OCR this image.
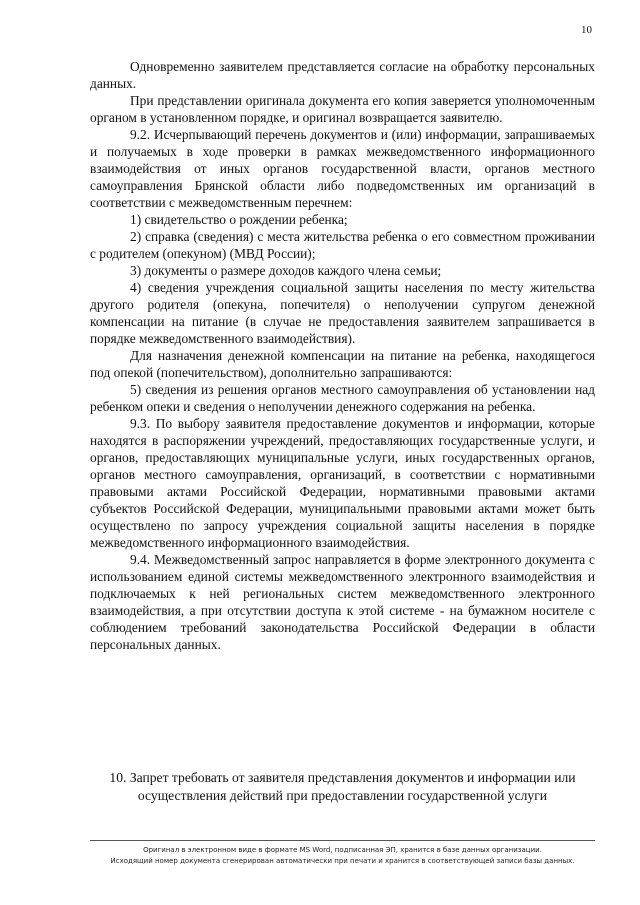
10

Одновременно заявителем представляется согласие на обработку персональных данных.

При представлении оригинала документа его копия заверяется уполномоченным органом в установленном порядке, и оригинал возвращается заявителю.

9.2. Исчерпывающий перечень документов и (или) информации, запрашиваемых и получаемых в ходе проверки в рамках межведомственного информационного взаимодействия от иных органов государственной власти, органов местного самоуправления Брянской области либо подведомственных им организаций в соответствии с межведомственным перечнем:

1) свидетельство о рождении ребенка;

2) справка (сведения) с места жительства ребенка о его совместном проживании с родителем (опекуном) (МВД России);

3) документы о размере доходов каждого члена семьи;

4) сведения учреждения социальной защиты населения по месту жительства другого родителя (опекуна, попечителя) о неполучении супругом денежной компенсации на питание (в случае не предоставления заявителем запрашивается в порядке межведомственного взаимодействия).

Для назначения денежной компенсации на питание на ребенка, находящегося под опекой (попечительством), дополнительно запрашиваются:

5) сведения из решения органов местного самоуправления об установлении над ребенком опеки и сведения о неполучении денежного содержания на ребенка.

9.3. По выбору заявителя предоставление документов и информации, которые находятся в распоряжении учреждений, предоставляющих государственные услуги, и органов, предоставляющих муниципальные услуги, иных государственных органов, органов местного самоуправления, организаций, в соответствии с нормативными правовыми актами Российской Федерации, нормативными правовыми актами субъектов Российской Федерации, муниципальными правовыми актами может быть осуществлено по запросу учреждения социальной защиты населения в порядке межведомственного информационного взаимодействия.

9.4. Межведомственный запрос направляется в форме электронного документа с использованием единой системы межведомственного электронного взаимодействия и подключаемых к ней региональных систем межведомственного электронного взаимодействия, а при отсутствии доступа к этой системе - на бумажном носителе с соблюдением требований законодательства Российской Федерации в области персональных данных.

10. Запрет требовать от заявителя представления документов и информации или осуществления действий при предоставлении государственной услуги
Оригинал в электронном виде в формате MS Word, подписанная ЭП, хранится в базе данных организации.
Исходящий номер документа сгенерирован автоматически при печати и хранится в соответствующей записи базы данных.
